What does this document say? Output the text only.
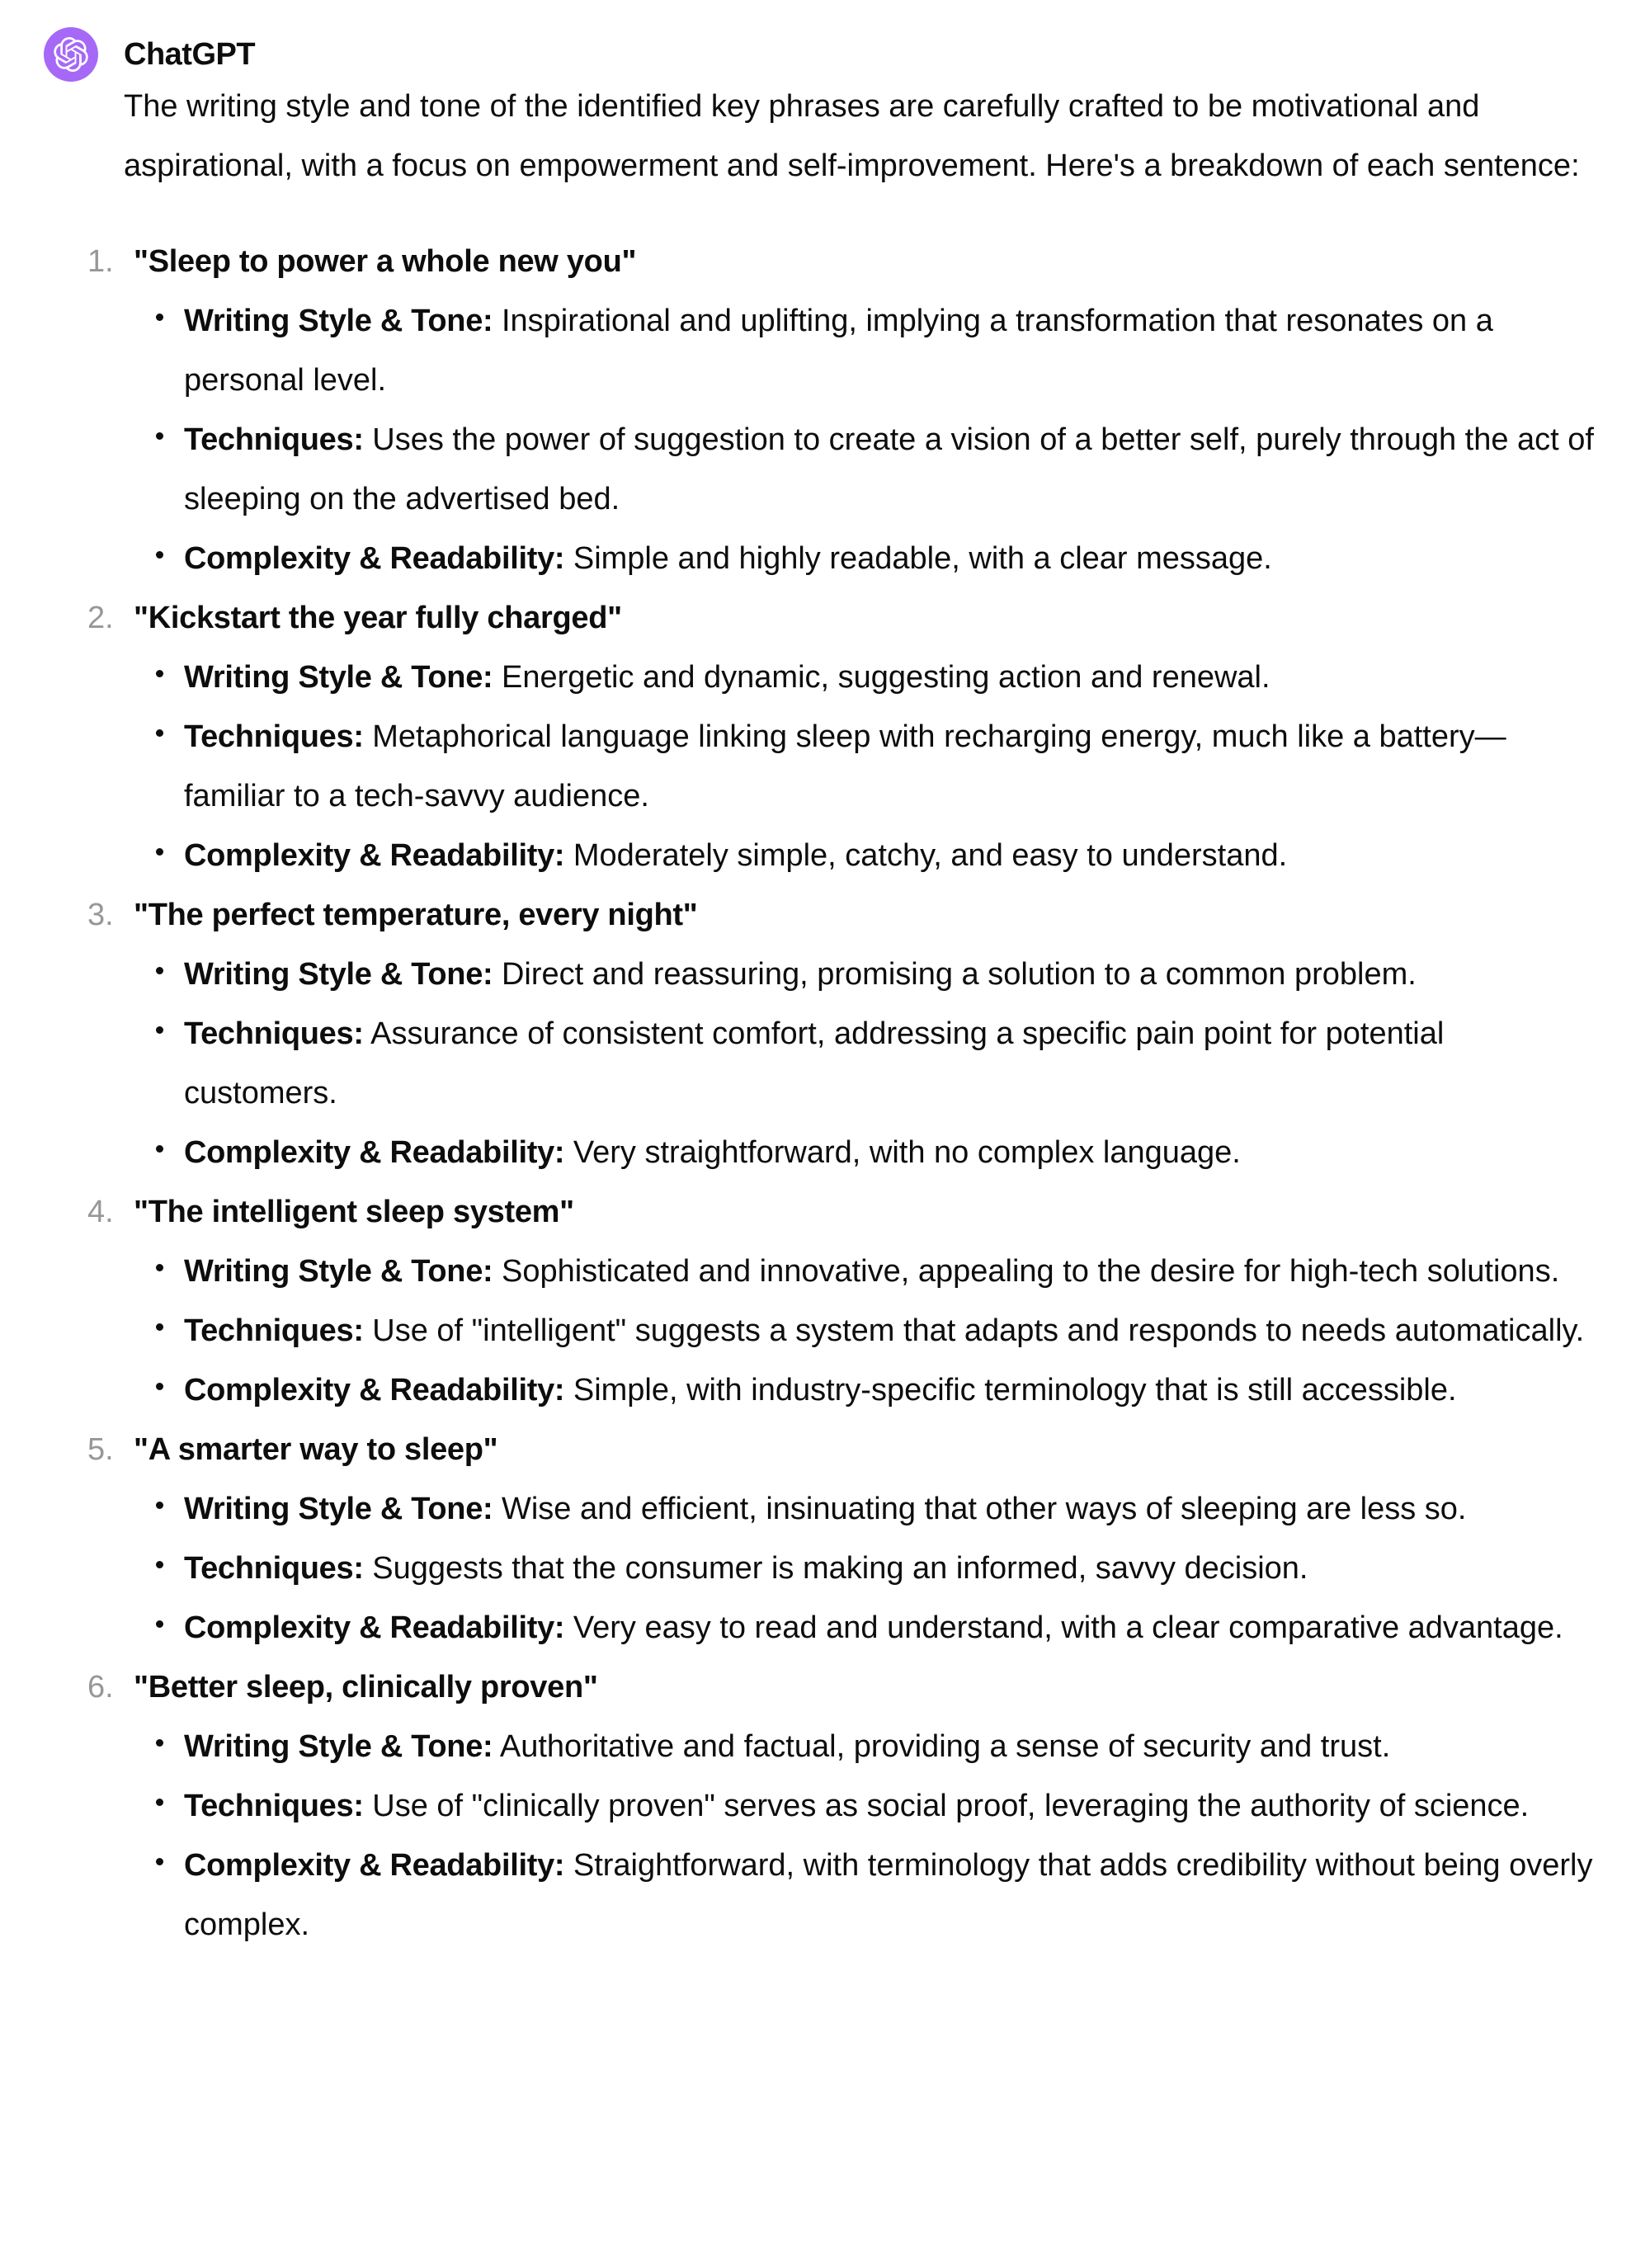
ChatGPT

The writing style and tone of the identified key phrases are carefully crafted to be motivational and aspirational, with a focus on empowerment and self-improvement. Here's a breakdown of each sentence:

1. "Sleep to power a whole new you"
Writing Style & Tone: Inspirational and uplifting, implying a transformation that resonates on a personal level.
Techniques: Uses the power of suggestion to create a vision of a better self, purely through the act of sleeping on the advertised bed.
Complexity & Readability: Simple and highly readable, with a clear message.
2. "Kickstart the year fully charged"
Writing Style & Tone: Energetic and dynamic, suggesting action and renewal.
Techniques: Metaphorical language linking sleep with recharging energy, much like a battery—familiar to a tech-savvy audience.
Complexity & Readability: Moderately simple, catchy, and easy to understand.
3. "The perfect temperature, every night"
Writing Style & Tone: Direct and reassuring, promising a solution to a common problem.
Techniques: Assurance of consistent comfort, addressing a specific pain point for potential customers.
Complexity & Readability: Very straightforward, with no complex language.
4. "The intelligent sleep system"
Writing Style & Tone: Sophisticated and innovative, appealing to the desire for high-tech solutions.
Techniques: Use of "intelligent" suggests a system that adapts and responds to needs automatically.
Complexity & Readability: Simple, with industry-specific terminology that is still accessible.
5. "A smarter way to sleep"
Writing Style & Tone: Wise and efficient, insinuating that other ways of sleeping are less so.
Techniques: Suggests that the consumer is making an informed, savvy decision.
Complexity & Readability: Very easy to read and understand, with a clear comparative advantage.
6. "Better sleep, clinically proven"
Writing Style & Tone: Authoritative and factual, providing a sense of security and trust.
Techniques: Use of "clinically proven" serves as social proof, leveraging the authority of science.
Complexity & Readability: Straightforward, with terminology that adds credibility without being overly complex.
